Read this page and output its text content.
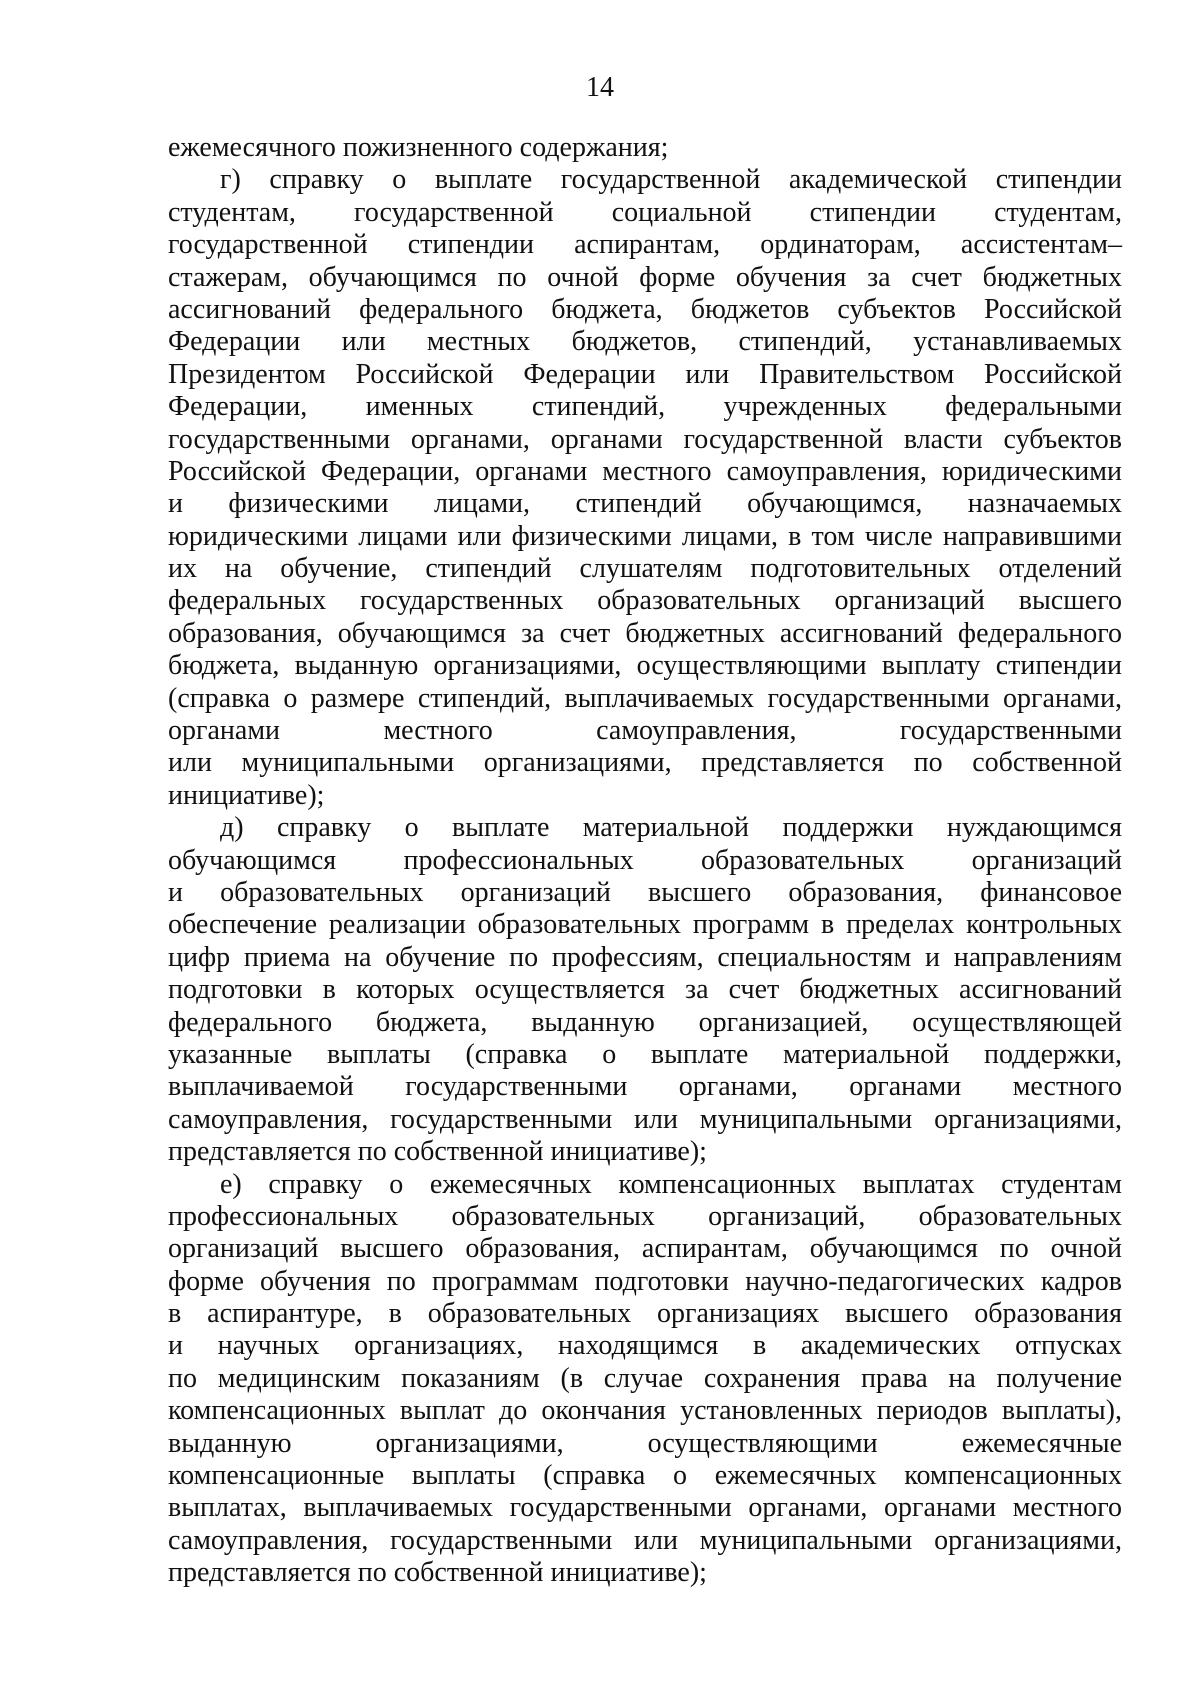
14
ежемесячного пожизненного содержания;
г) справку о выплате государственной академической стипендии
студентам, государственной социальной стипендии студентам,
государственной стипендии аспирантам, ординаторам, ассистентам–
стажерам, обучающимся по очной форме обучения за счет бюджетных
ассигнований федерального бюджета, бюджетов субъектов Российской
Федерации или местных бюджетов, стипендий, устанавливаемых
Президентом Российской Федерации или Правительством Российской
Федерации, именных стипендий, учрежденных федеральными
государственными органами, органами государственной власти субъектов
Российской Федерации, органами местного самоуправления, юридическими
и физическими лицами, стипендий обучающимся, назначаемых
юридическими лицами или физическими лицами, в том числе направившими
их на обучение, стипендий слушателям подготовительных отделений
федеральных государственных образовательных организаций высшего
образования, обучающимся за счет бюджетных ассигнований федерального
бюджета, выданную организациями, осуществляющими выплату стипендии
(справка о размере стипендий, выплачиваемых государственными органами,
органами местного самоуправления, государственными
или муниципальными организациями, представляется по собственной
инициативе);
д) справку о выплате материальной поддержки нуждающимся
обучающимся профессиональных образовательных организаций
и образовательных организаций высшего образования, финансовое
обеспечение реализации образовательных программ в пределах контрольных
цифр приема на обучение по профессиям, специальностям и направлениям
подготовки в которых осуществляется за счет бюджетных ассигнований
федерального бюджета, выданную организацией, осуществляющей
указанные выплаты (справка о выплате материальной поддержки,
выплачиваемой государственными органами, органами местного
самоуправления, государственными или муниципальными организациями,
представляется по собственной инициативе);
е) справку о ежемесячных компенсационных выплатах студентам
профессиональных образовательных организаций, образовательных
организаций высшего образования, аспирантам, обучающимся по очной
форме обучения по программам подготовки научно-педагогических кадров
в аспирантуре, в образовательных организациях высшего образования
и научных организациях, находящимся в академических отпусках
по медицинским показаниям (в случае сохранения права на получение
компенсационных выплат до окончания установленных периодов выплаты),
выданную организациями, осуществляющими ежемесячные
компенсационные выплаты (справка о ежемесячных компенсационных
выплатах, выплачиваемых государственными органами, органами местного
самоуправления, государственными или муниципальными организациями,
представляется по собственной инициативе);
